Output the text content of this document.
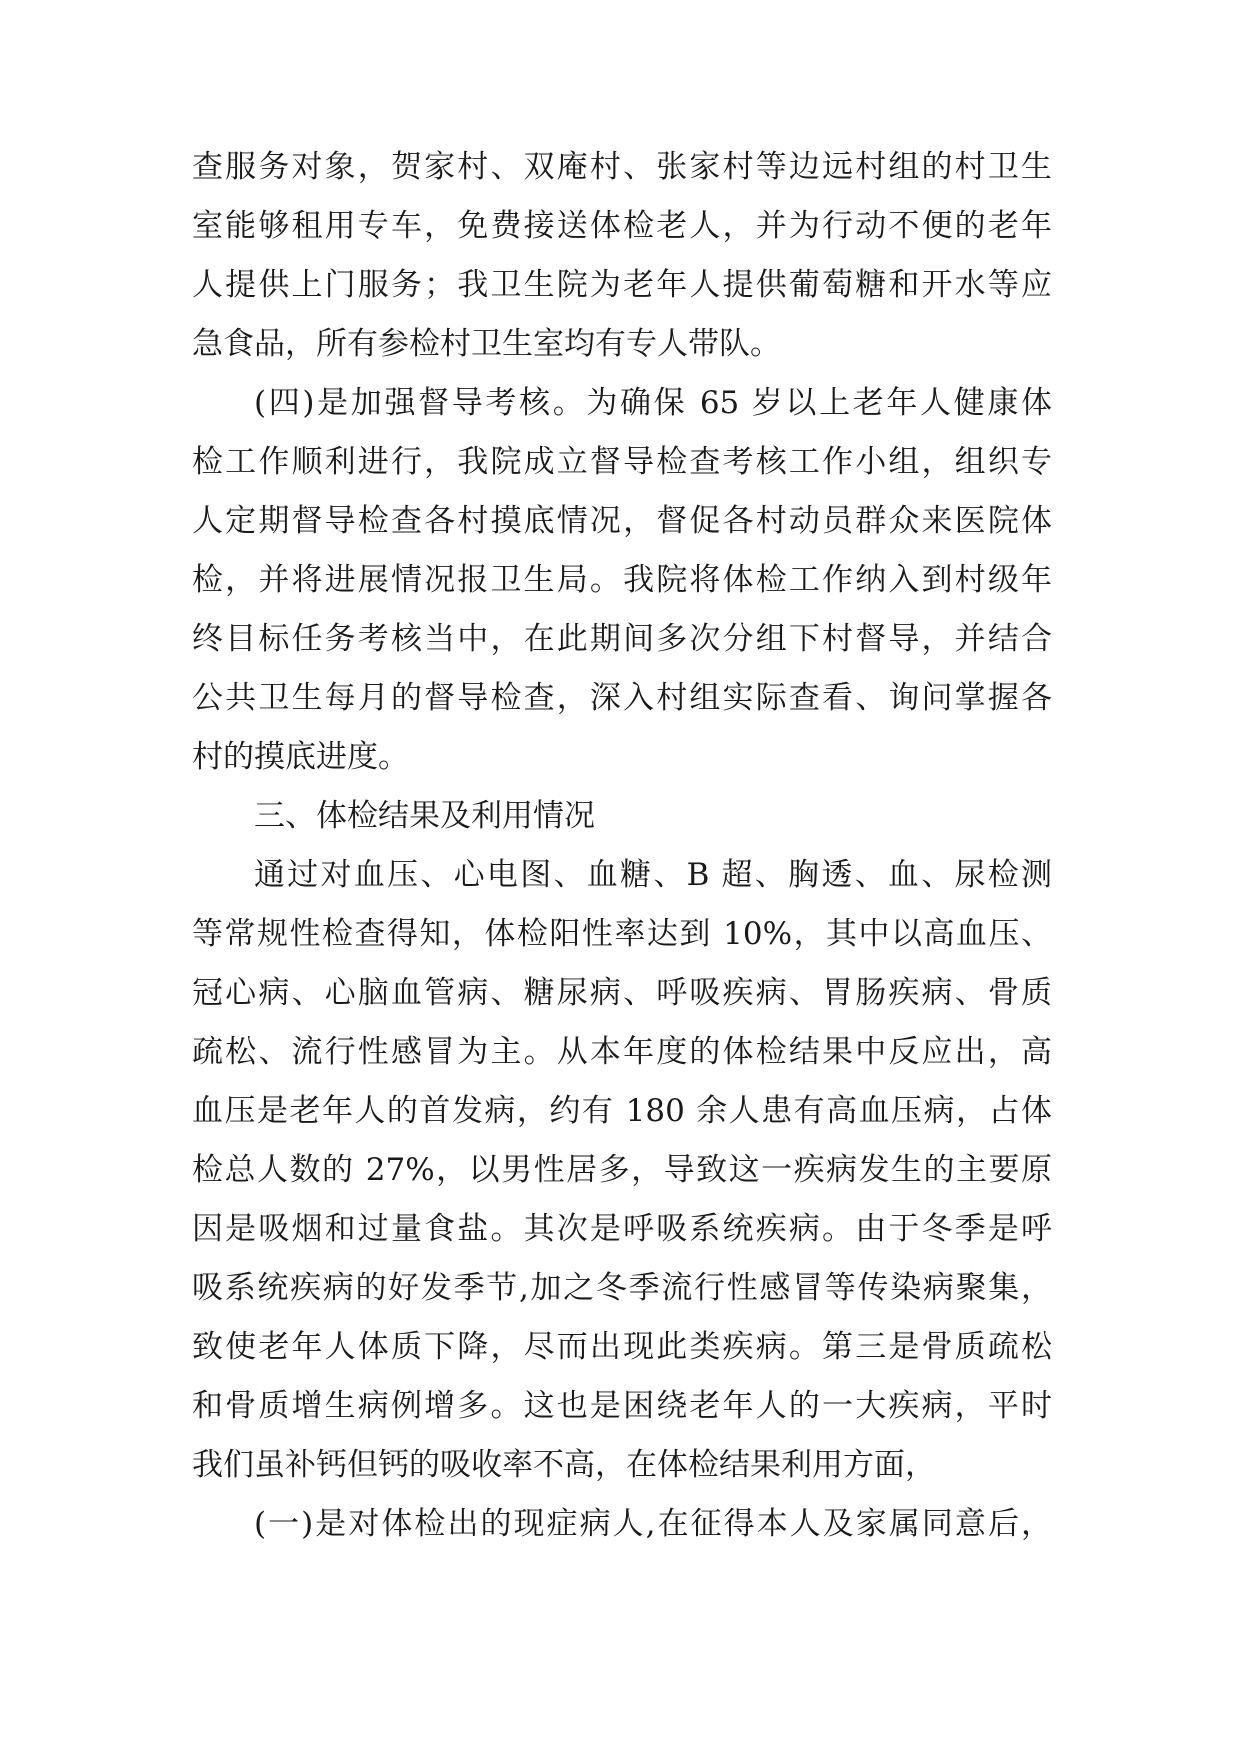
查服务对象，贺家村、双庵村、张家村等边远村组的村卫生
室能够租用专车，免费接送体检老人，并为行动不便的老年
人提供上门服务；我卫生院为老年人提供葡萄糖和开水等应
急食品，所有参检村卫生室均有专人带队。
(四)是加强督导考核。为确保 65 岁以上老年人健康体
检工作顺利进行，我院成立督导检查考核工作小组，组织专
人定期督导检查各村摸底情况，督促各村动员群众来医院体
检，并将进展情况报卫生局。我院将体检工作纳入到村级年
终目标任务考核当中，在此期间多次分组下村督导，并结合
公共卫生每月的督导检查，深入村组实际查看、询问掌握各
村的摸底进度。
三、体检结果及利用情况
通过对血压、心电图、血糖、B 超、胸透、血、尿检测
等常规性检查得知，体检阳性率达到 10%，其中以高血压、
冠心病、心脑血管病、糖尿病、呼吸疾病、胃肠疾病、骨质
疏松、流行性感冒为主。从本年度的体检结果中反应出，高
血压是老年人的首发病，约有 180 余人患有高血压病，占体
检总人数的 27%，以男性居多，导致这一疾病发生的主要原
因是吸烟和过量食盐。其次是呼吸系统疾病。由于冬季是呼
吸系统疾病的好发季节,加之冬季流行性感冒等传染病聚集，
致使老年人体质下降，尽而出现此类疾病。第三是骨质疏松
和骨质增生病例增多。这也是困绕老年人的一大疾病，平时
我们虽补钙但钙的吸收率不高，在体检结果利用方面，
(一)是对体检出的现症病人,在征得本人及家属同意后，
